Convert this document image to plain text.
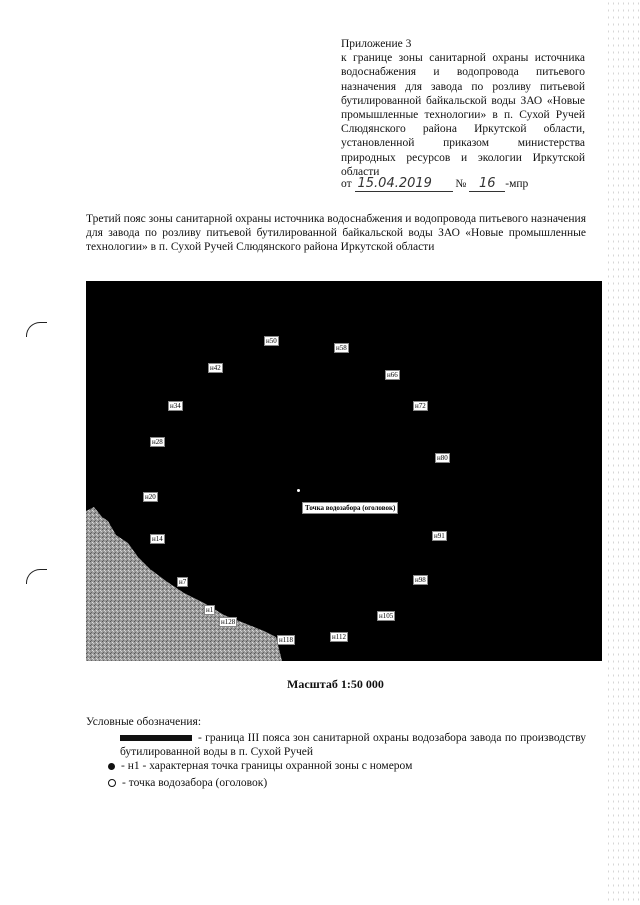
Приложение 3
к границе зоны санитарной охраны источника водоснабжения и водопровода питьевого назначения для завода по розливу питьевой бутилированной байкальской воды ЗАО «Новые промышленные технологии» в п. Сухой Ручей Слюдянского района Иркутской области, установленной приказом министерства природных ресурсов и экологии Иркутской области
от 15.04.2019 № 16 -мпр
Третий пояс зоны санитарной охраны источника водоснабжения и водопровода питьевого назначения для завода по розливу питьевой бутилированной байкальской воды ЗАО «Новые промышленные технологии» в п. Сухой Ручей Слюдянского района Иркутской области
н50
н58
н42
н66
н34	н72
н28
н80
н20
н91
н14
н98
н7
н105
н1
н128
н118	н112
Точка водозабора (оголовок)
Масштаб 1:50 000
Условные обозначения:
- граница III пояса зон санитарной охраны водозабора завода по производству бутилированной воды в п. Сухой Ручей
- н1 - характерная точка границы охранной зоны с номером
- точка водозабора (оголовок)
